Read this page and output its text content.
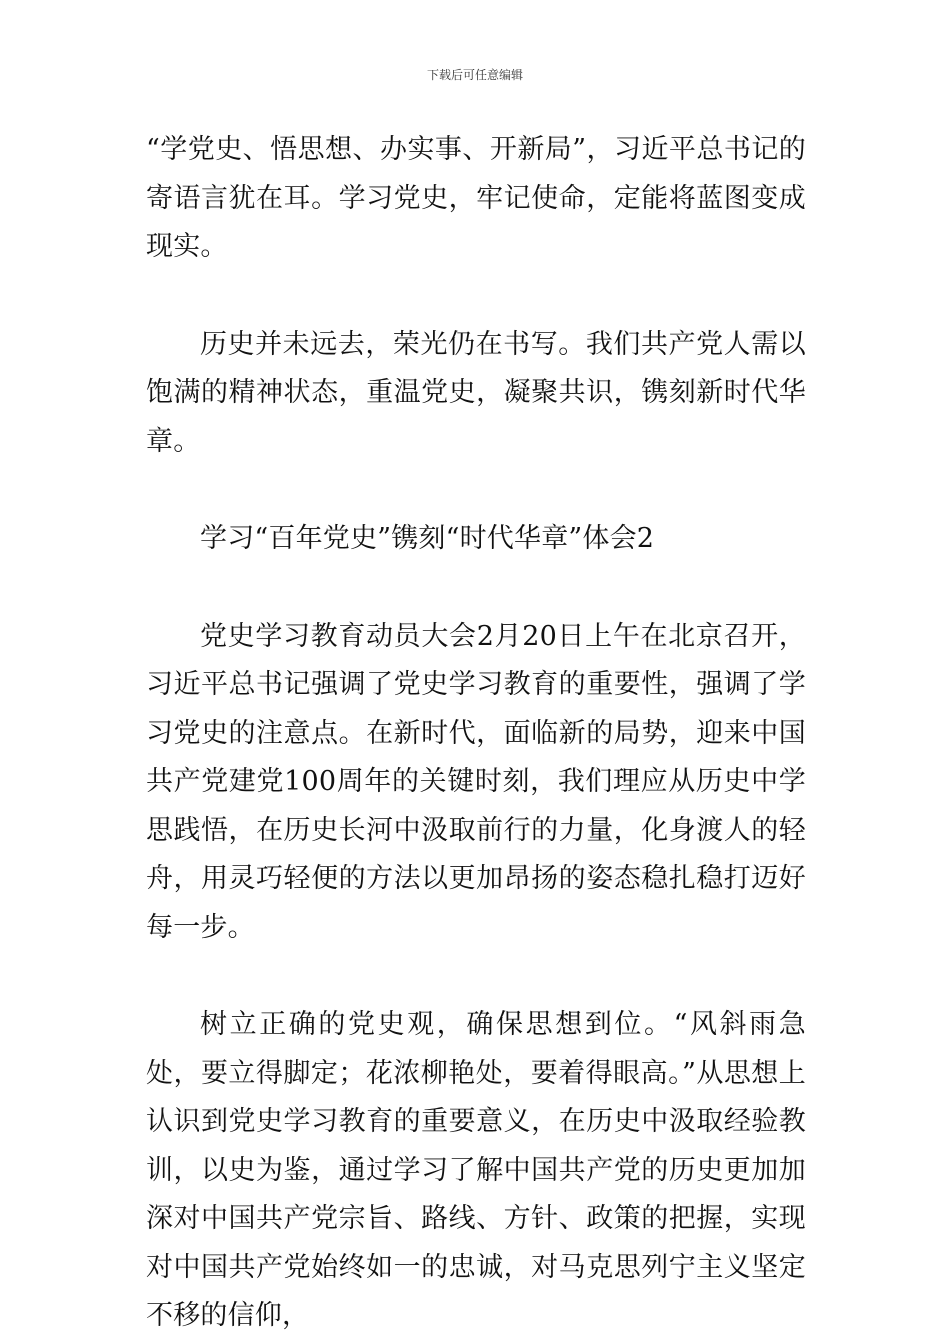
下载后可任意编辑

“学党史、悟思想、办实事、开新局”，习近平总书记的寄语言犹在耳。学习党史，牢记使命，定能将蓝图变成现实。

历史并未远去，荣光仍在书写。我们共产党人需以饱满的精神状态，重温党史，凝聚共识，镌刻新时代华章。

学习“百年党史”镌刻“时代华章”体会2

党史学习教育动员大会2月20日上午在北京召开，习近平总书记强调了党史学习教育的重要性，强调了学习党史的注意点。在新时代，面临新的局势，迎来中国共产党建党100周年的关键时刻，我们理应从历史中学思践悟，在历史长河中汲取前行的力量，化身渡人的轻舟，用灵巧轻便的方法以更加昂扬的姿态稳扎稳打迈好每一步。

树立正确的党史观，确保思想到位。“风斜雨急处，要立得脚定；花浓柳艳处，要着得眼高。”从思想上认识到党史学习教育的重要意义，在历史中汲取经验教训，以史为鉴，通过学习了解中国共产党的历史更加加深对中国共产党宗旨、路线、方针、政策的把握，实现对中国共产党始终如一的忠诚，对马克思列宁主义坚定不移的信仰，
